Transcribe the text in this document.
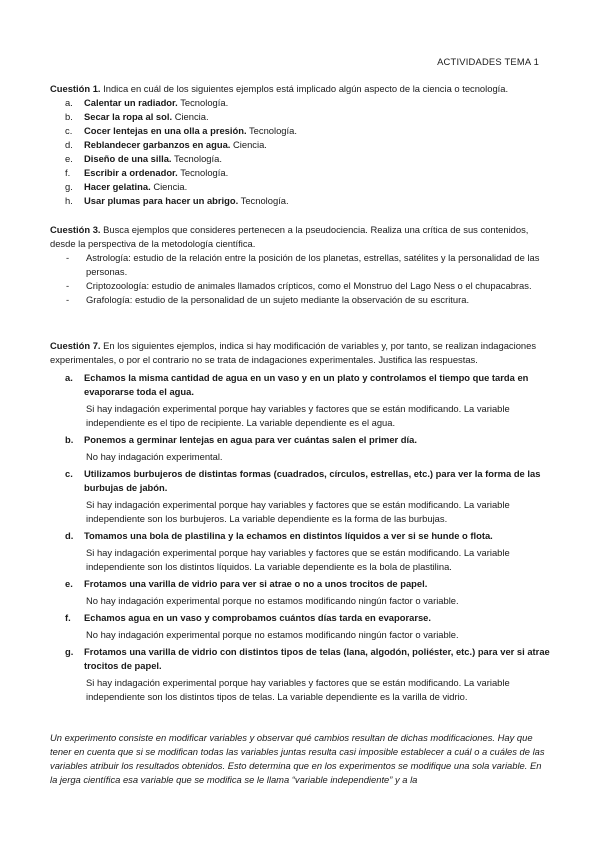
ACTIVIDADES TEMA 1

Cuestión 1. Indica en cuál de los siguientes ejemplos está implicado algún aspecto de la ciencia o tecnología.

a. Calentar un radiador. Tecnología.
b. Secar la ropa al sol. Ciencia.
c. Cocer lentejas en una olla a presión. Tecnología.
d. Reblandecer garbanzos en agua. Ciencia.
e. Diseño de una silla. Tecnología.
f. Escribir a ordenador. Tecnología.
g. Hacer gelatina. Ciencia.
h. Usar plumas para hacer un abrigo. Tecnología.

Cuestión 3. Busca ejemplos que consideres pertenecen a la pseudociencia. Realiza una crítica de sus contenidos, desde la perspectiva de la metodología científica.

- Astrología: estudio de la relación entre la posición de los planetas, estrellas, satélites y la personalidad de las personas.
- Criptozoología: estudio de animales llamados crípticos, como el Monstruo del Lago Ness o el chupacabras.
- Grafología: estudio de la personalidad de un sujeto mediante la observación de su escritura.

Cuestión 7. En los siguientes ejemplos, indica si hay modificación de variables y, por tanto, se realizan indagaciones experimentales, o por el contrario no se trata de indagaciones experimentales. Justifica las respuestas.

a. Echamos la misma cantidad de agua en un vaso y en un plato y controlamos el tiempo que tarda en evaporarse toda el agua.
Si hay indagación experimental porque hay variables y factores que se están modificando. La variable independiente es el tipo de recipiente. La variable dependiente es el agua.
b. Ponemos a germinar lentejas en agua para ver cuántas salen el primer día.
No hay indagación experimental.
c. Utilizamos burbujeros de distintas formas (cuadrados, círculos, estrellas, etc.) para ver la forma de las burbujas de jabón.
Si hay indagación experimental porque hay variables y factores que se están modificando. La variable independiente son los burbujeros. La variable dependiente es la forma de las burbujas.
d. Tomamos una bola de plastilina y la echamos en distintos líquidos a ver si se hunde o flota.
Si hay indagación experimental porque hay variables y factores que se están modificando. La variable independiente son los distintos líquidos. La variable dependiente es la bola de plastilina.
e. Frotamos una varilla de vidrio para ver si atrae o no a unos trocitos de papel.
No hay indagación experimental porque no estamos modificando ningún factor o variable.
f. Echamos agua en un vaso y comprobamos cuántos días tarda en evaporarse.
No hay indagación experimental porque no estamos modificando ningún factor o variable.
g. Frotamos una varilla de vidrio con distintos tipos de telas (lana, algodón, poliéster, etc.) para ver si atrae trocitos de papel.
Si hay indagación experimental porque hay variables y factores que se están modificando. La variable independiente son los distintos tipos de telas. La variable dependiente es la varilla de vidrio.

Un experimento consiste en modificar variables y observar qué cambios resultan de dichas modificaciones. Hay que tener en cuenta que si se modifican todas las variables juntas resulta casi imposible establecer a cuál o a cuáles de las variables atribuir los resultados obtenidos. Esto determina que en los experimentos se modifique una sola variable. En la jerga científica esa variable que se modifica se le llama “variable independiente” y a la
